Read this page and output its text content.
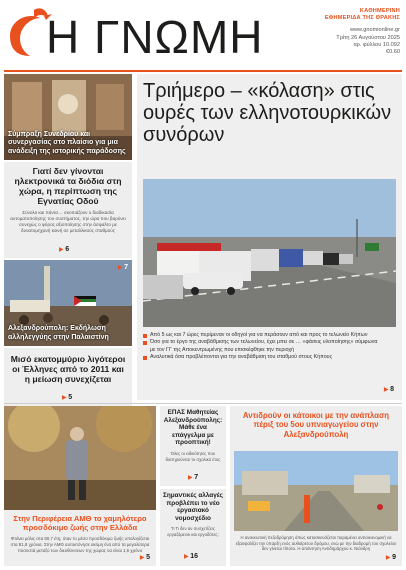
Η ΓΝΩΜΗ	ΚΑΘΗΜΕΡΙΝΗ
ΕΦΗΜΕΡΙΔΑ ΤΗΣ ΘΡΑΚΗΣ
www.gnomionline.gr
Τρίτη 26 Αυγούστου 2025
αρ. φύλλου 10.092
€0.60
Σύμπραξη Συνεδρίου και συνεργασίας στο πλαίσιο για μια ανάδειξη της ιστορικής παράδοσης
Γιατί δεν γίνονται ηλεκτρονικά τα διόδια στη χώρα, η περίπτωση της Εγνατίας Οδού
Σύνολο και πάντα… σκοπιάζουν ο διαδικασία αυτοματοποίησης του συστήματος, την ώρα που βαρύνει συνεχώς ο φόρος αξιοποίησης στην άσφαλτο με δυνατομηχανή κοινή σε μεταλλικούς σταθμούς
▶ 6
▶ 7
Αλεξανδρούπολη: Εκδήλωση αλληλεγγύης στην Παλαιστίνη
Μισό εκατομμύριο λιγότεροι οι Έλληνες από το 2011 και η μείωση συνεχίζεται
▶ 5
Τριήμερο – «κόλαση» στις ουρές των ελληνοτουρκικών συνόρων
Από 5 ως και 7 ώρες περίμεναν οι οδηγοί για να περάσουν από και προς το τελωνείο Κήπων
Όσο για το έργο της αναβάθμισης των τελωνείου, έχει μπει σε … «φάσεις υλοποίησης» σύμφωνα με τον ΓΓ της Αποκεντρωμένης που επισκέφθηκε την περιοχή
Αναλυτικά όσα προβλέπονται για την αναβάθμιση του σταθμού στους Κήπους
▶ 8
Στην Περιφέρεια ΑΜΘ το χαμηλότερο προσδόκιμο ζωής στην Ελλάδα
Φτάνει μόλις στα 80,7 έτη, όταν το μέσο προσδόκιμο ζωής υπολογίζεται στα 81,8 χρόνια. Στην ΑΜΘ αυτοκτόνησε ακόμη ένα από τα μεγαλύτερα ποσοστά μεταξύ των διευθύνσεων της χώρας να είναι 1,6 χρόνο
▶ 5
ΕΠΑΣ Μαθητείας Αλεξανδρούπολης: Μάθε ένα επάγγελμα με προοπτική!
Όλες οι ειδικότητες που διατηρούνται το σχολικό έτος
▶ 7
Σημαντικές αλλαγές προβλέπει το νέο εργασιακό νομοσχέδιο
Τι Τι δεν αν συσχετίζεις εργαζόμενοι και εργοδότες;
▶ 16
Αντιδρούν οι κάτοικοι με την ανάπλαση πέριξ του 5ου υπνιαγωγείου στην Αλεξανδρούπολη
Η ανανεωτική πεζοδρόμηση όπως κατασκευάζεται παραμένει αντιοικονομική να εξασφαλίζει την ύπαρξη ενός αυθαίρετου δρόμου, ενώ με την διαδρομή του σχολείου δεν γίνεται τίποτα. Η απάντηση Αντιδημάρχου κ. Νιάνδρη
▶ 9
